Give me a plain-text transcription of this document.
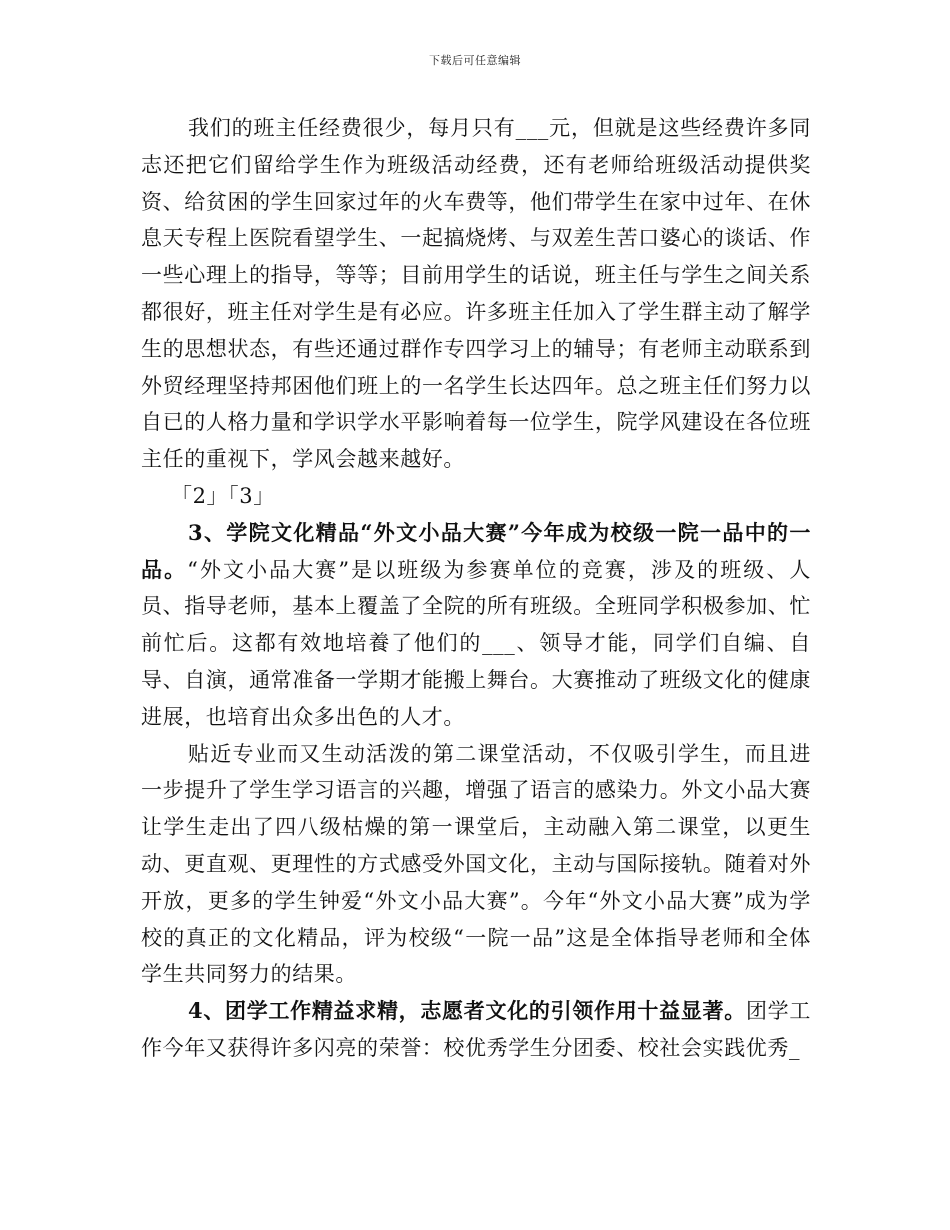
下载后可任意编辑

我们的班主任经费很少，每月只有___元，但就是这些经费许多同志还把它们留给学生作为班级活动经费，还有老师给班级活动提供奖资、给贫困的学生回家过年的火车费等，他们带学生在家中过年、在休息天专程上医院看望学生、一起搞烧烤、与双差生苦口婆心的谈话、作一些心理上的指导，等等；目前用学生的话说，班主任与学生之间关系都很好，班主任对学生是有必应。许多班主任加入了学生群主动了解学生的思想状态，有些还通过群作专四学习上的辅导；有老师主动联系到外贸经理坚持邦困他们班上的一名学生长达四年。总之班主任们努力以自已的人格力量和学识学水平影响着每一位学生，院学风建设在各位班主任的重视下，学风会越来越好。

「2」「3」

3、学院文化精品“外文小品大赛”今年成为校级一院一品中的一品。“外文小品大赛”是以班级为参赛单位的竞赛，涉及的班级、人员、指导老师，基本上覆盖了全院的所有班级。全班同学积极参加、忙前忙后。这都有效地培養了他们的___、领导才能，同学们自编、自导、自演，通常准备一学期才能搬上舞台。大赛推动了班级文化的健康进展，也培育出众多出色的人才。

贴近专业而又生动活泼的第二课堂活动，不仅吸引学生，而且进一步提升了学生学习语言的兴趣，增强了语言的感染力。外文小品大赛让学生走出了四八级枯燥的第一课堂后，主动融入第二课堂，以更生动、更直观、更理性的方式感受外国文化，主动与国际接轨。随着对外开放，更多的学生钟爱“外文小品大赛”。今年“外文小品大赛”成为学校的真正的文化精品，评为校级“一院一品”这是全体指导老师和全体学生共同努力的结果。

4、团学工作精益求精，志愿者文化的引领作用十益显著。团学工作今年又获得许多闪亮的荣誉：校优秀学生分团委、校社会实践优秀_
